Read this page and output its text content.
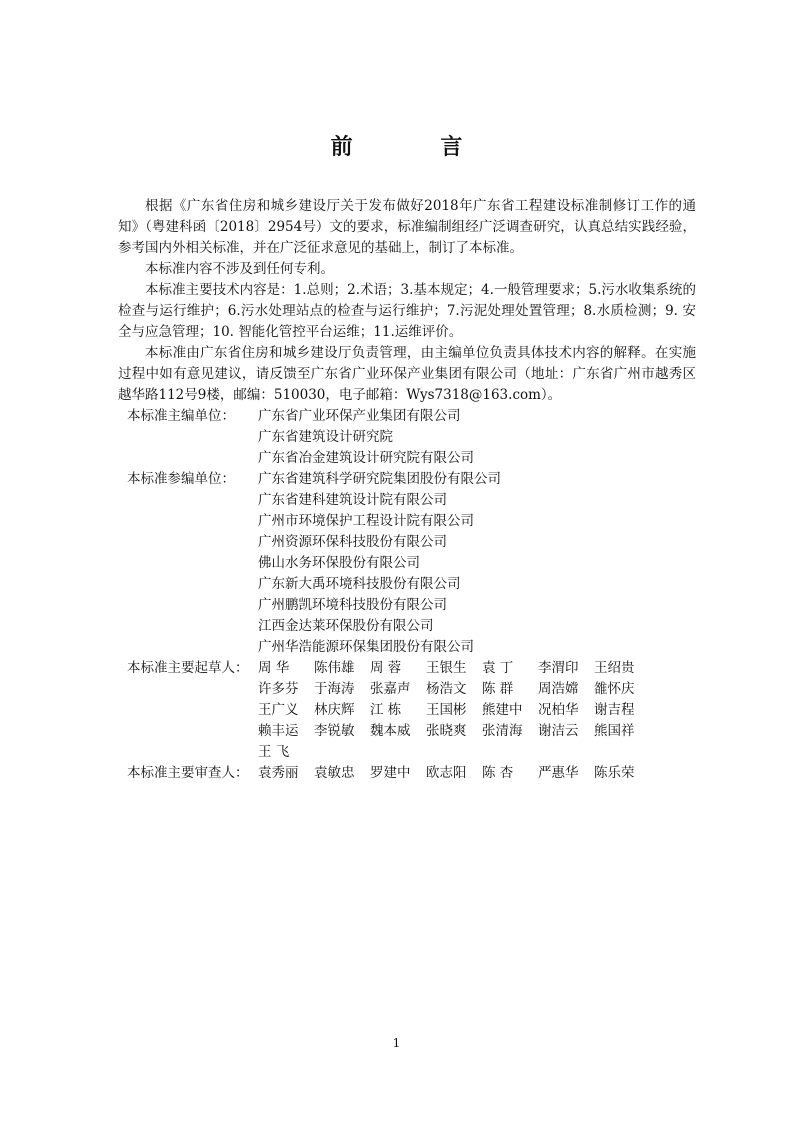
前 言

根据《广东省住房和城乡建设厅关于发布做好2018年广东省工程建设标准制修订工作的通知》（粤建科函〔2018〕2954号）文的要求，标准编制组经广泛调查研究，认真总结实践经验，参考国内外相关标准，并在广泛征求意见的基础上，制订了本标准。

本标准内容不涉及到任何专利。

本标准主要技术内容是：1.总则；2.术语；3.基本规定；4.一般管理要求；5.污水收集系统的检查与运行维护；6.污水处理站点的检查与运行维护；7.污泥处理处置管理；8.水质检测；9. 安全与应急管理；10. 智能化管控平台运维；11.运维评价。

本标准由广东省住房和城乡建设厅负责管理，由主编单位负责具体技术内容的解释。在实施过程中如有意见建议，请反馈至广东省广业环保产业集团有限公司（地址：广东省广州市越秀区越华路112号9楼，邮编：510030，电子邮箱：Wys7318@163.com）。

本标准主编单位：	广东省广业环保产业集团有限公司
广东省建筑设计研究院
广东省冶金建筑设计研究院有限公司
本标准参编单位：	广东省建筑科学研究院集团股份有限公司
广东省建科建筑设计院有限公司
广州市环境保护工程设计院有限公司
广州资源环保科技股份有限公司
佛山水务环保股份有限公司
广东新大禹环境科技股份有限公司
广州鹏凯环境科技股份有限公司
江西金达莱环保股份有限公司
广州华浩能源环保集团股份有限公司
本标准主要起草人： 周 华	陈伟雄	周 蓉	王银生	袁 丁	李渭印	王绍贵
许多芬	于海涛	张嘉声	杨浩文	陈 群	周浩嫦	雒怀庆
王广义	林庆辉	江 栋	王国彬	熊建中	况柏华	谢吉程
赖丰运	李锐敏	魏本威	张晓爽	张清海	谢洁云	熊国祥
王 飞
本标准主要审查人： 袁秀丽	袁敏忠	罗建中	欧志阳	陈 杏	严惠华	陈乐荣
1
